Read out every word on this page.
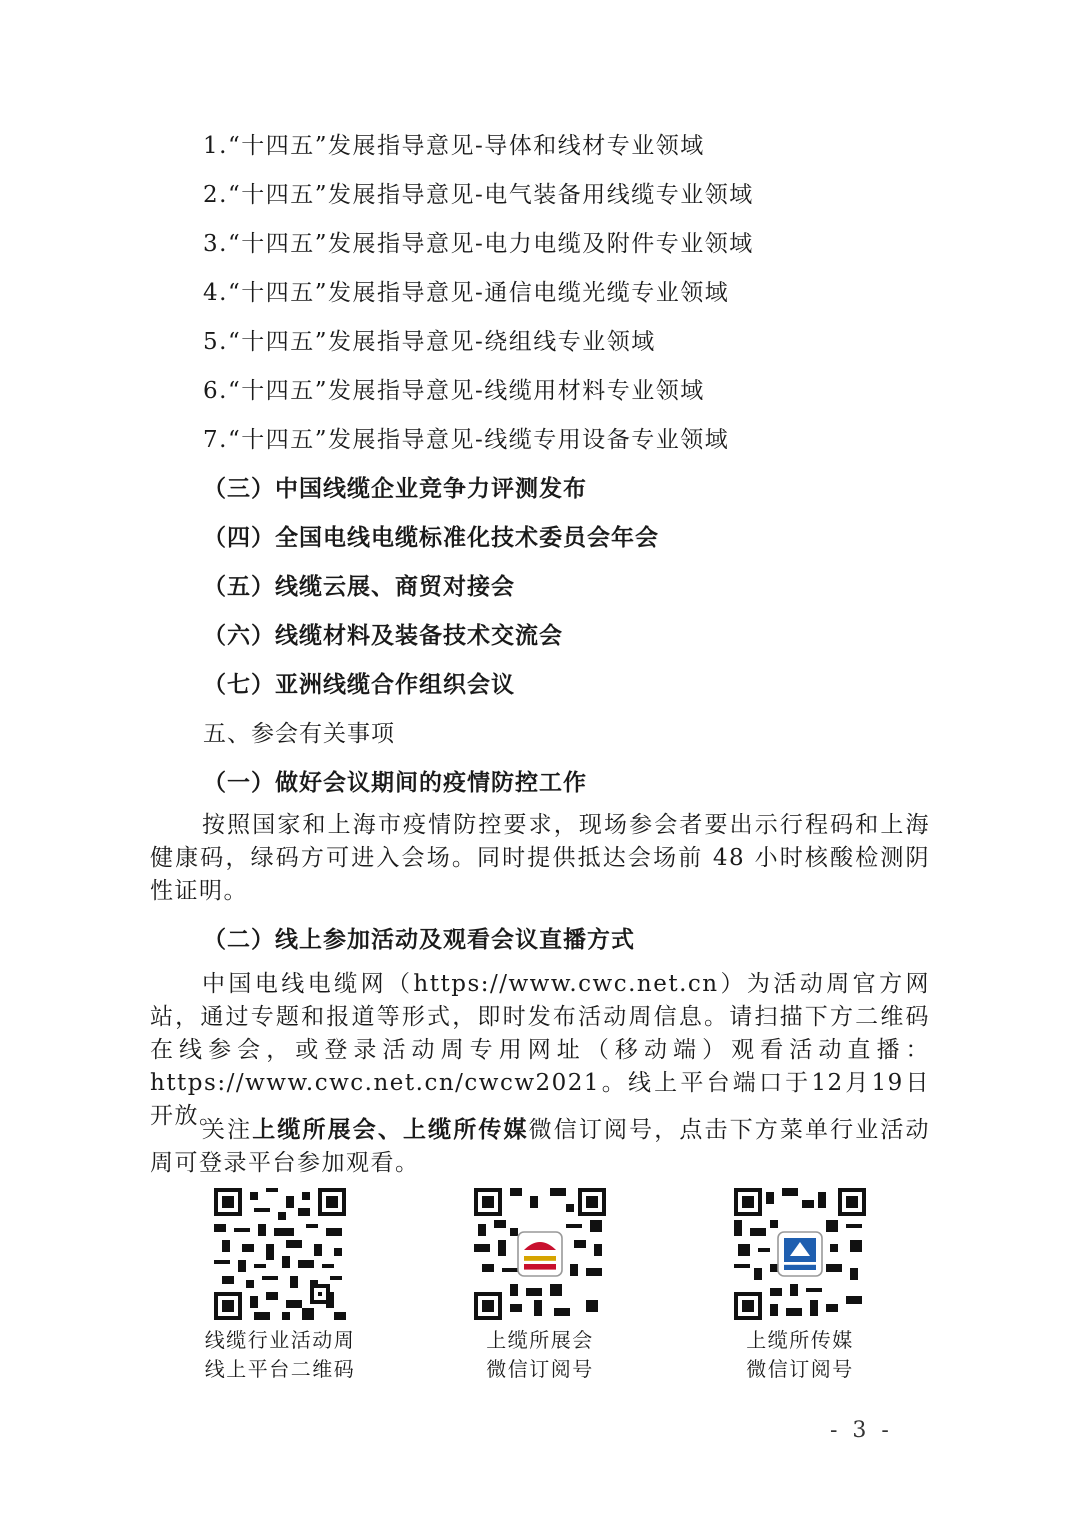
1.“十四五”发展指导意见-导体和线材专业领域
2.“十四五”发展指导意见-电气装备用线缆专业领域
3.“十四五”发展指导意见-电力电缆及附件专业领域
4.“十四五”发展指导意见-通信电缆光缆专业领域
5.“十四五”发展指导意见-绕组线专业领域
6.“十四五”发展指导意见-线缆用材料专业领域
7.“十四五”发展指导意见-线缆专用设备专业领域
（三）中国线缆企业竞争力评测发布
（四）全国电线电缆标准化技术委员会年会
（五）线缆云展、商贸对接会
（六）线缆材料及装备技术交流会
（七）亚洲线缆合作组织会议
五、参会有关事项
（一）做好会议期间的疫情防控工作

按照国家和上海市疫情防控要求，现场参会者要出示行程码和上海健康码，绿码方可进入会场。同时提供抵达会场前 48 小时核酸检测阴性证明。

（二）线上参加活动及观看会议直播方式

中国电线电缆网（https://www.cwc.net.cn）为活动周官方网站，通过专题和报道等形式，即时发布活动周信息。请扫描下方二维码在线参会，或登录活动周专用网址（移动端）观看活动直播：https://www.cwc.net.cn/cwcw2021。线上平台端口于12月19日开放。

关注上缆所展会、上缆所传媒微信订阅号，点击下方菜单行业活动周可登录平台参加观看。

线缆行业活动周
线上平台二维码
上缆所展会
微信订阅号
上缆所传媒
微信订阅号
- 3 -
